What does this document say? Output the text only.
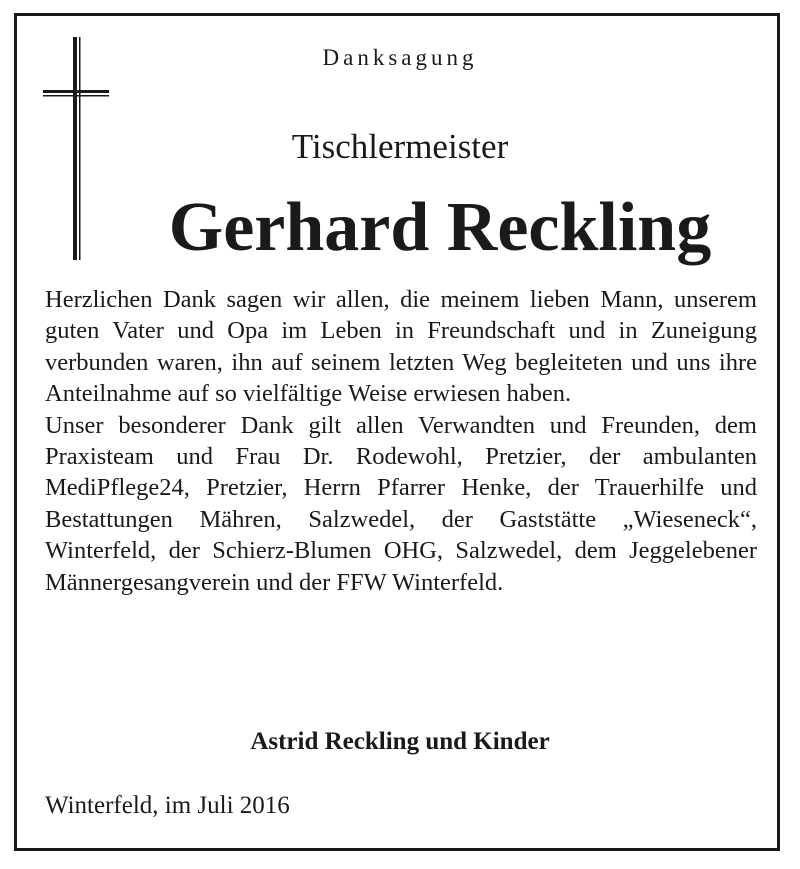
Danksagung
Tischlermeister
Gerhard Reckling

Herzlichen Dank sagen wir allen, die meinem lieben Mann, unserem guten Vater und Opa im Leben in Freundschaft und in Zuneigung verbunden waren, ihn auf seinem letzten Weg begleiteten und uns ihre Anteilnahme auf so vielfältige Weise erwiesen haben.

Unser besonderer Dank gilt allen Verwandten und Freunden, dem Praxisteam und Frau Dr. Rodewohl, Pretzier, der ambulanten MediPflege24, Pretzier, Herrn Pfarrer Henke, der Trauerhilfe und Bestattungen Mähren, Salzwedel, der Gaststätte „Wieseneck“, Winterfeld, der Schierz-Blumen OHG, Salzwedel, dem Jeggelebener Männergesangverein und der FFW Winterfeld.

Astrid Reckling und Kinder
Winterfeld, im Juli 2016
